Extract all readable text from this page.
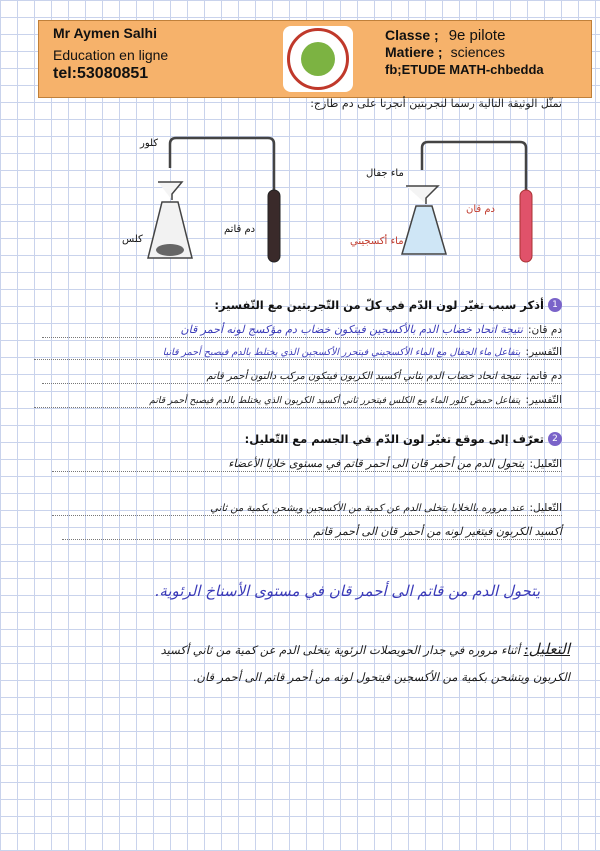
Mr Aymen Salhi
Education en ligne
tel:53080851
Classe ; 9e pilote
Matiere ; sciences
fb;ETUDE MATH-chbedda
تمثّل الوثيقة التالية رسما لتجربتين أنجزتا على دم طازج:
كلور
كلس
دم قاتم
ماء جفال
ماء أكسجيني
دم قان
1أذكر سبب تغيّر لون الدّم في كلّ من التّجربتين مع التّفسير:
دم قان: نتيجة اتحاد خضاب الدم بالأكسجين فيتكون خضاب دم مؤكسج لونه أحمر قان
التّفسير: يتفاعل ماء الجفال مع الماء الأكسجيني فيتحرر الأكسجين الذي يختلط بالدم فيصبح أحمر قانيا
دم قاتم: نتيجة اتحاد خضاب الدم بثاني أكسيد الكربون فيتكون مركب دالتون أحمر قاتم
التّفسير: يتفاعل حمض كلور الماء مع الكلس فيتحرر ثاني أكسيد الكربون الذي يختلط بالدم فيصبح أحمر قاتم
2تعرّف إلى موقع تغيّر لون الدّم في الجسم مع التّعليل:
التّعليل: يتحول الدم من أحمر قان الى أحمر قاتم في مستوى خلايا الأعضاء
التّعليل: عند مروره بالخلايا يتخلى الدم عن كمية من الأكسجين ويشحن بكمية من ثاني
أكسيد الكربون فيتغير لونه من أحمر قان الى أحمر قاتم
يتحول الدم من قاتم الى أحمر قان في مستوى الأسناخ الرئوية.
التعليل: أثناء مروره في جدار الحويصلات الرئوية يتخلى الدم عن كمية من ثاني أكسيد
الكربون ويتشحن بكمية من الأكسجين فيتحول لونه من أحمر قاتم الى أحمر قان.
